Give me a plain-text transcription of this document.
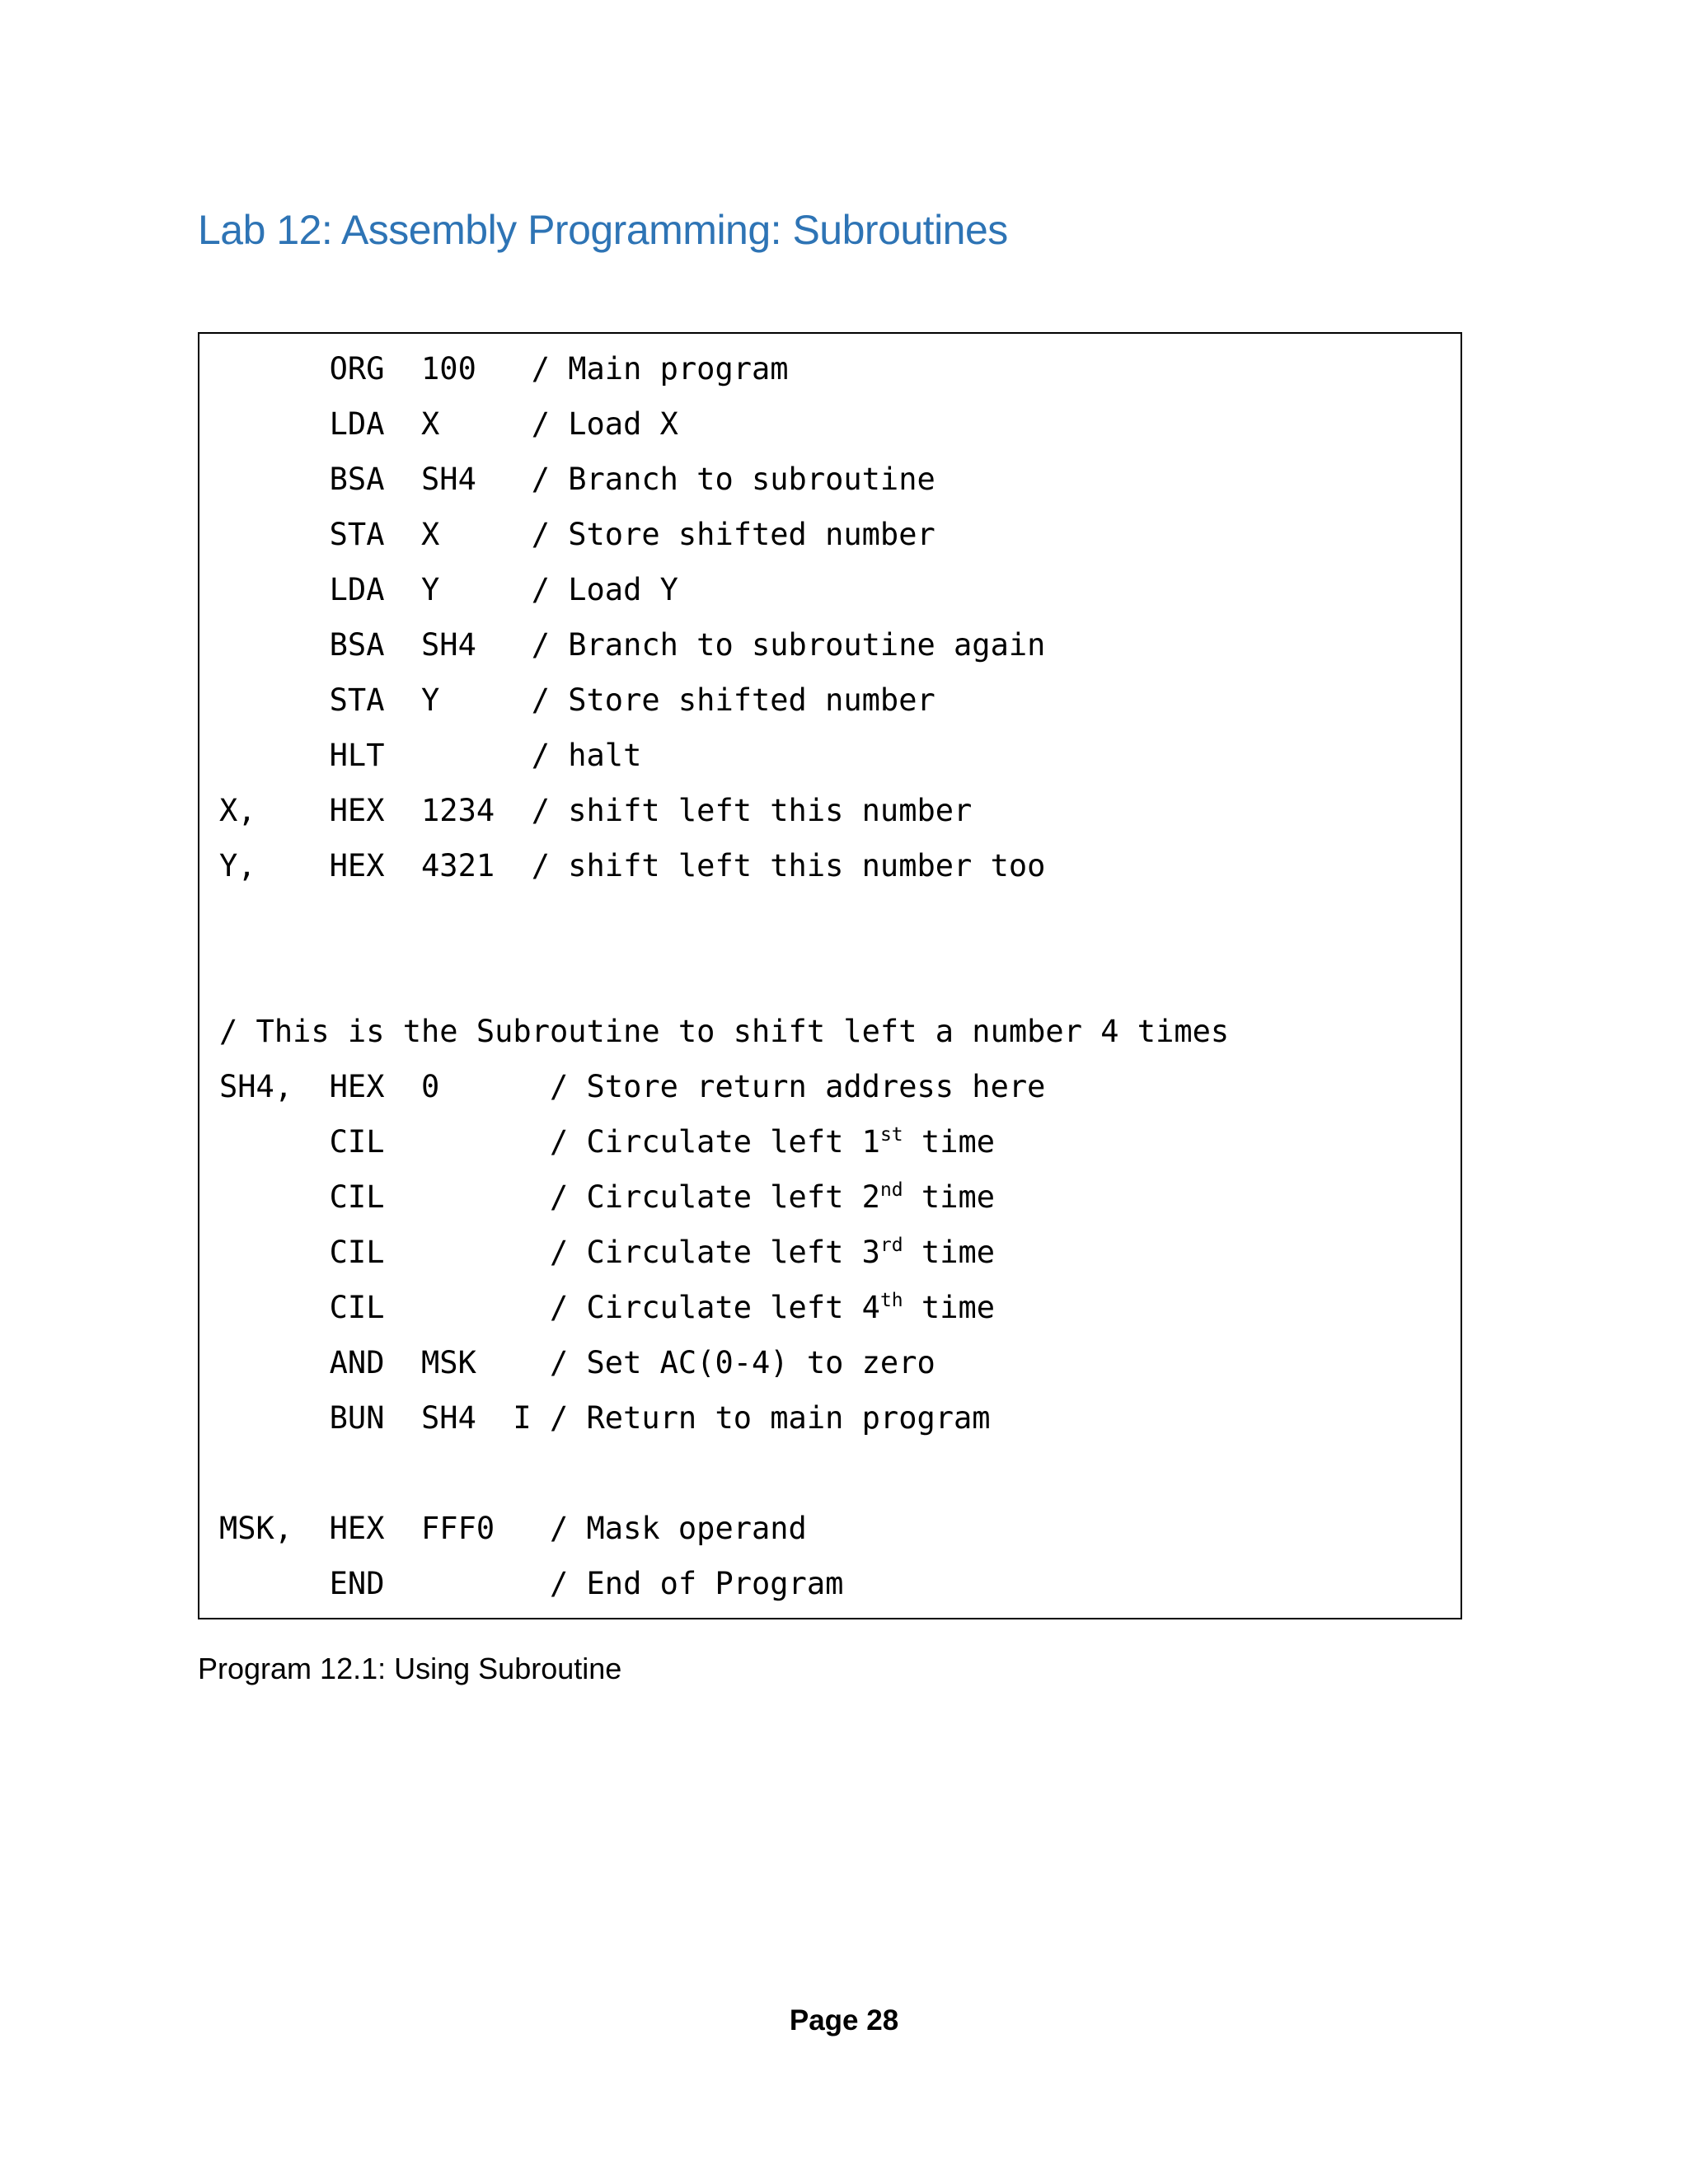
Lab 12: Assembly Programming: Subroutines
ORG  100   / Main program
LDA  X     / Load X
BSA  SH4   / Branch to subroutine
STA  X     / Store shifted number
LDA  Y     / Load Y
BSA  SH4   / Branch to subroutine again
STA  Y     / Store shifted number
HLT        / halt
X,    HEX  1234  / shift left this number
Y,    HEX  4321  / shift left this number too
/ This is the Subroutine to shift left a number 4 times
SH4,  HEX  0      / Store return address here
CIL         / Circulate left 1st time
CIL         / Circulate left 2nd time
CIL         / Circulate left 3rd time
CIL         / Circulate left 4th time
AND  MSK    / Set AC(0-4) to zero
BUN  SH4  I / Return to main program
MSK,  HEX  FFF0   / Mask operand
END         / End of Program

Program 12.1: Using Subroutine

Page 28
